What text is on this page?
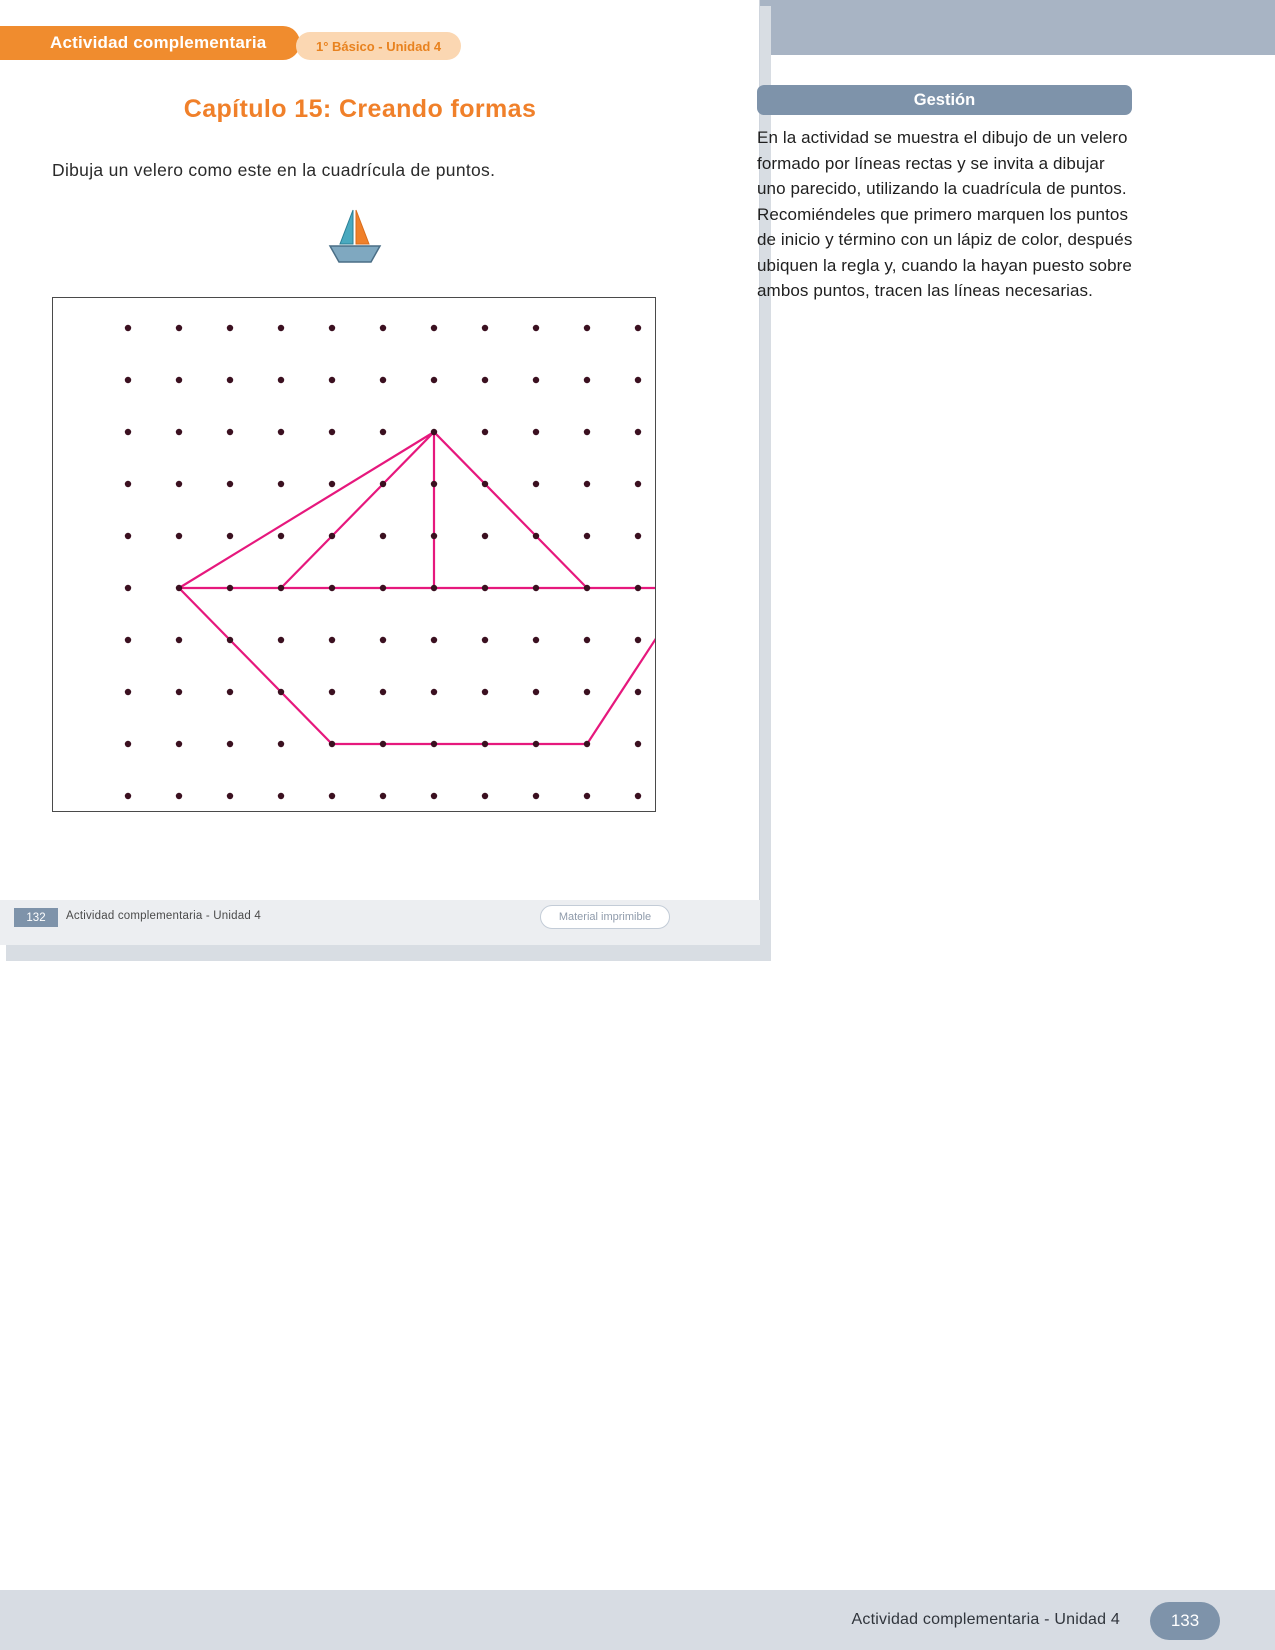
Actividad complementaria	1° Básico - Unidad 4
Capítulo 15: Creando formas
Dibuja un velero como este en la cuadrícula de puntos.
132	Actividad complementaria - Unidad 4	Material imprimible
Gestión
En la actividad se muestra el dibujo de un velero formado por líneas rectas y se invita a dibujar uno parecido, utilizando la cuadrícula de puntos. Recomiéndeles que primero marquen los puntos de inicio y término con un lápiz de color, después ubiquen la regla y, cuando la hayan puesto sobre ambos puntos, tracen las líneas necesarias.
Actividad complementaria - Unidad 4	133
